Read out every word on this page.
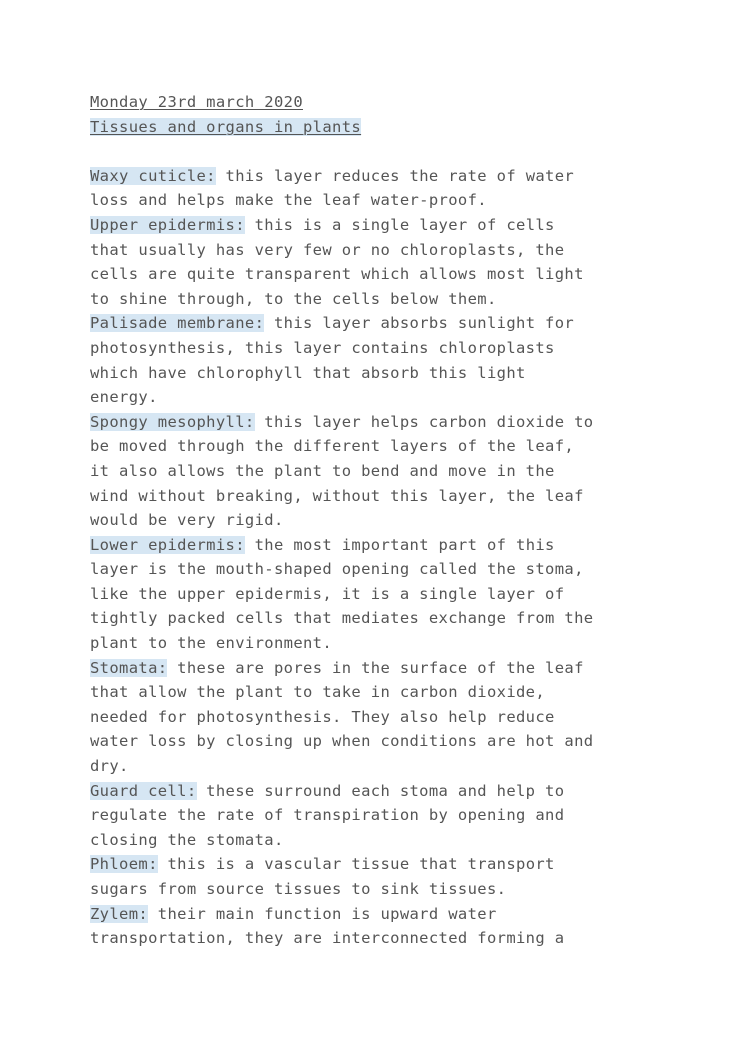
Monday 23rd march 2020
Tissues and organs in plants

Waxy cuticle: this layer reduces the rate of water
loss and helps make the leaf water-proof.
Upper epidermis: this is a single layer of cells
that usually has very few or no chloroplasts, the
cells are quite transparent which allows most light
to shine through, to the cells below them.
Palisade membrane: this layer absorbs sunlight for
photosynthesis, this layer contains chloroplasts
which have chlorophyll that absorb this light
energy.
Spongy mesophyll: this layer helps carbon dioxide to
be moved through the different layers of the leaf,
it also allows the plant to bend and move in the
wind without breaking, without this layer, the leaf
would be very rigid.
Lower epidermis: the most important part of this
layer is the mouth-shaped opening called the stoma,
like the upper epidermis, it is a single layer of
tightly packed cells that mediates exchange from the
plant to the environment.
Stomata: these are pores in the surface of the leaf
that allow the plant to take in carbon dioxide,
needed for photosynthesis. They also help reduce
water loss by closing up when conditions are hot and
dry.
Guard cell: these surround each stoma and help to
regulate the rate of transpiration by opening and
closing the stomata.
Phloem: this is a vascular tissue that transport
sugars from source tissues to sink tissues.
Zylem: their main function is upward water
transportation, they are interconnected forming a
